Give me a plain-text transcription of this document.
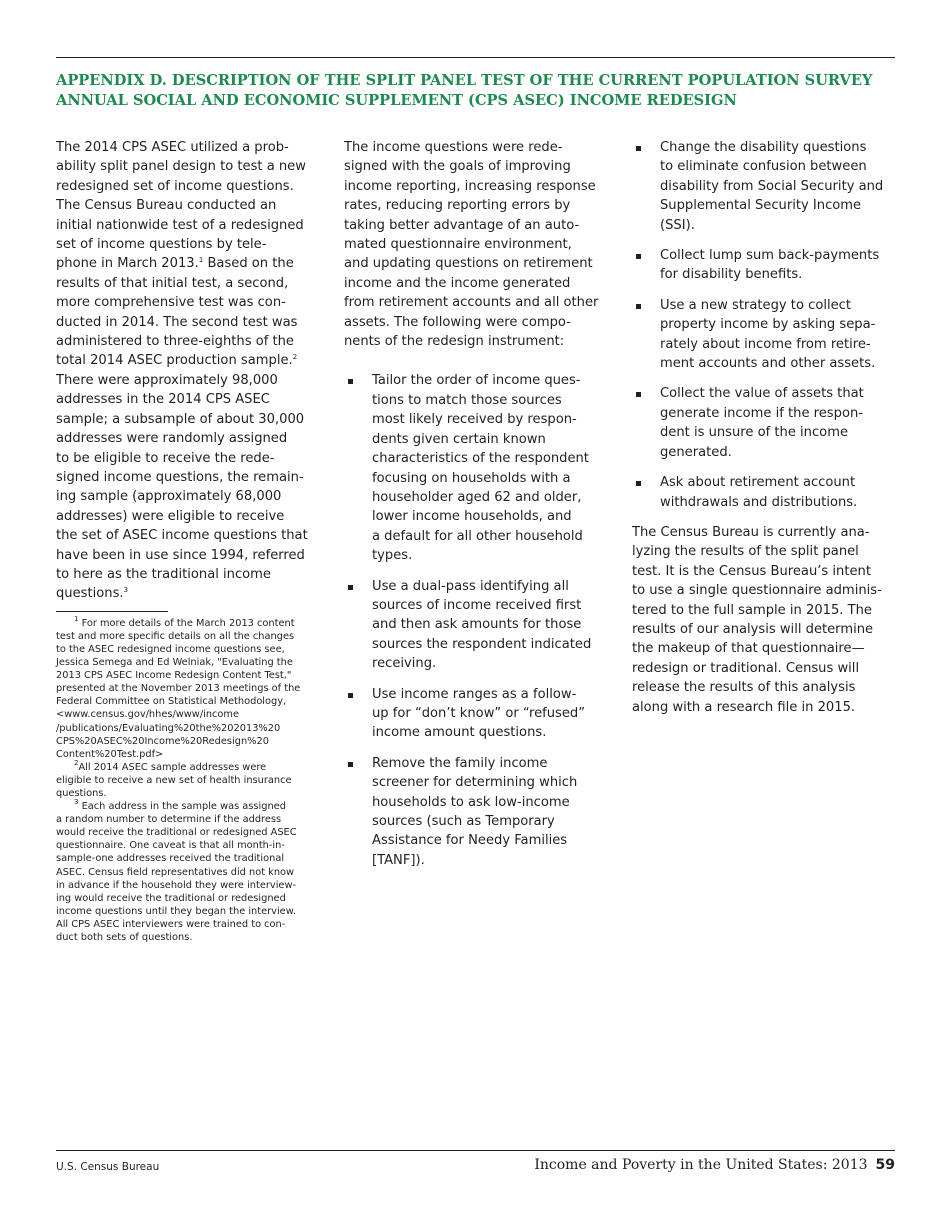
APPENDIX D. DESCRIPTION OF THE SPLIT PANEL TEST OF THE CURRENT POPULATION SURVEY
ANNUAL SOCIAL AND ECONOMIC SUPPLEMENT (CPS ASEC) INCOME REDESIGN

The 2014 CPS ASEC utilized a prob-
ability split panel design to test a new
redesigned set of income questions.
The Census Bureau conducted an
initial nationwide test of a redesigned
set of income questions by tele-
phone in March 2013.$^1$ Based on the
results of that initial test, a second,
more comprehensive test was con-
ducted in 2014. The second test was
administered to three-eighths of the
total 2014 ASEC production sample.$^2$
There were approximately 98,000
addresses in the 2014 CPS ASEC
sample; a subsample of about 30,000
addresses were randomly assigned
to be eligible to receive the rede-
signed income questions, the remain-
ing sample (approximately 68,000
addresses) were eligible to receive
the set of ASEC income questions that
have been in use since 1994, referred
to here as the traditional income
questions.$^3$

$^1$ For more details of the March 2013 content
test and more specific details on all the changes
to the ASEC redesigned income questions see,
Jessica Semega and Ed Welniak, "Evaluating the
2013 CPS ASEC Income Redesign Content Test,"
presented at the November 2013 meetings of the
Federal Committee on Statistical Methodology,
<www.census.gov/hhes/www/income
/publications/Evaluating%20the%202013%20
CPS%20ASEC%20Income%20Redesign%20
Content%20Test.pdf>

$^2$All 2014 ASEC sample addresses were
eligible to receive a new set of health insurance
questions.

$^3$ Each address in the sample was assigned
a random number to determine if the address
would receive the traditional or redesigned ASEC
questionnaire. One caveat is that all month-in-
sample-one addresses received the traditional
ASEC. Census field representatives did not know
in advance if the household they were interview-
ing would receive the traditional or redesigned
income questions until they began the interview.
All CPS ASEC interviewers were trained to con-
duct both sets of questions.

The income questions were rede-
signed with the goals of improving
income reporting, increasing response
rates, reducing reporting errors by
taking better advantage of an auto-
mated questionnaire environment,
and updating questions on retirement
income and the income generated
from retirement accounts and all other
assets. The following were compo-
nents of the redesign instrument:

Tailor the order of income ques-
tions to match those sources
most likely received by respon-
dents given certain known
characteristics of the respondent
focusing on households with a
householder aged 62 and older,
lower income households, and
a default for all other household
types.
Use a dual-pass identifying all
sources of income received first
and then ask amounts for those
sources the respondent indicated
receiving.
Use income ranges as a follow-
up for “don’t know” or “refused”
income amount questions.
Remove the family income
screener for determining which
households to ask low-income
sources (such as Temporary
Assistance for Needy Families
[TANF]).
Change the disability questions
to eliminate confusion between
disability from Social Security and
Supplemental Security Income
(SSI).
Collect lump sum back-payments
for disability benefits.
Use a new strategy to collect
property income by asking sepa-
rately about income from retire-
ment accounts and other assets.
Collect the value of assets that
generate income if the respon-
dent is unsure of the income
generated.
Ask about retirement account
withdrawals and distributions.

The Census Bureau is currently ana-
lyzing the results of the split panel
test. It is the Census Bureau’s intent
to use a single questionnaire adminis-
tered to the full sample in 2015. The
results of our analysis will determine
the makeup of that questionnaire—
redesign or traditional. Census will
release the results of this analysis
along with a research file in 2015.

U.S. Census Bureau	Income and Poverty in the United States: 2013 59
